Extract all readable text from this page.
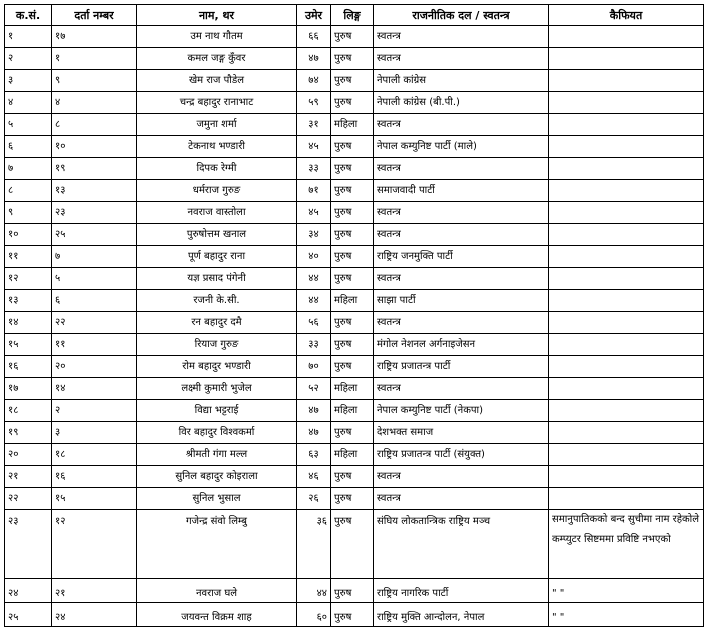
क.सं.	दर्ता नम्बर	नाम, थर	उमेर	लिङ्ग	राजनीतिक दल / स्वतन्त्र	कैफियत
१	१७	उम नाथ गौतम	६६	पुरुष	स्वतन्त्र	
२	१	कमल जङ्ग कुँवर	४७	पुरुष	स्वतन्त्र	
३	९	खेम राज पौडेल	७४	पुरुष	नेपाली कांग्रेस	
४	४	चन्द्र बहादुर रानाभाट	५९	पुरुष	नेपाली कांग्रेस (बी.पी.)	
५	८	जमुना शर्मा	३१	महिला	स्वतन्त्र	
६	१०	टेकनाथ भण्डारी	४५	पुरुष	नेपाल कम्युनिष्ट पार्टी (माले)	
७	१९	दिपक रेग्मी	३३	पुरुष	स्वतन्त्र	
८	१३	धर्मराज गुरुङ	७१	पुरुष	समाजवादी पार्टी	
९	२३	नवराज वास्तोला	४५	पुरुष	स्वतन्त्र	
१०	२५	पुरुषोत्तम खनाल	३४	पुरुष	स्वतन्त्र	
११	७	पूर्ण बहादुर राना	४०	पुरुष	राष्ट्रिय जनमुक्ति पार्टी	
१२	५	यज्ञ प्रसाद पंगेनी	४४	पुरुष	स्वतन्त्र	
१३	६	रजनी के.सी.	४४	महिला	साझा पार्टी	
१४	२२	रन बहादुर दमै	५६	पुरुष	स्वतन्त्र	
१५	११	रियाज गुरुङ	३३	पुरुष	मंगोल नेशनल अर्गनाइजेसन	
१६	२०	रोम बहादुर भण्डारी	७०	पुरुष	राष्ट्रिय प्रजातन्त्र पार्टी	
१७	१४	लक्ष्मी कुमारी भुजेल	५२	महिला	स्वतन्त्र	
१८	२	विद्या भट्टराई	४७	महिला	नेपाल कम्युनिष्ट पार्टी (नेकपा)	
१९	३	विर बहादुर विश्वकर्मा	४७	पुरुष	देशभक्त समाज	
२०	१८	श्रीमती गंगा मल्ल	६३	महिला	राष्ट्रिय प्रजातन्त्र पार्टी (संयुक्त)	
२१	१६	सुनिल बहादुर कोइराला	४६	पुरुष	स्वतन्त्र	
२२	१५	सुनिल भुसाल	२६	पुरुष	स्वतन्त्र	
२३	१२	गजेन्द्र संवो लिम्बु	३६	पुरुष	संघिय लोकतान्त्रिक राष्ट्रिय मञ्च	समानुपातिकको बन्द सुचीमा नाम रहेकोले कम्प्युटर सिष्टममा प्रविष्टि नभएको
२४	२१	नवराज घले	४४	पुरुष	राष्ट्रिय नागरिक पार्टी	" "
२५	२४	जयवन्त विक्रम शाह	६०	पुरुष	राष्ट्रिय मुक्ति आन्दोलन, नेपाल	" "
